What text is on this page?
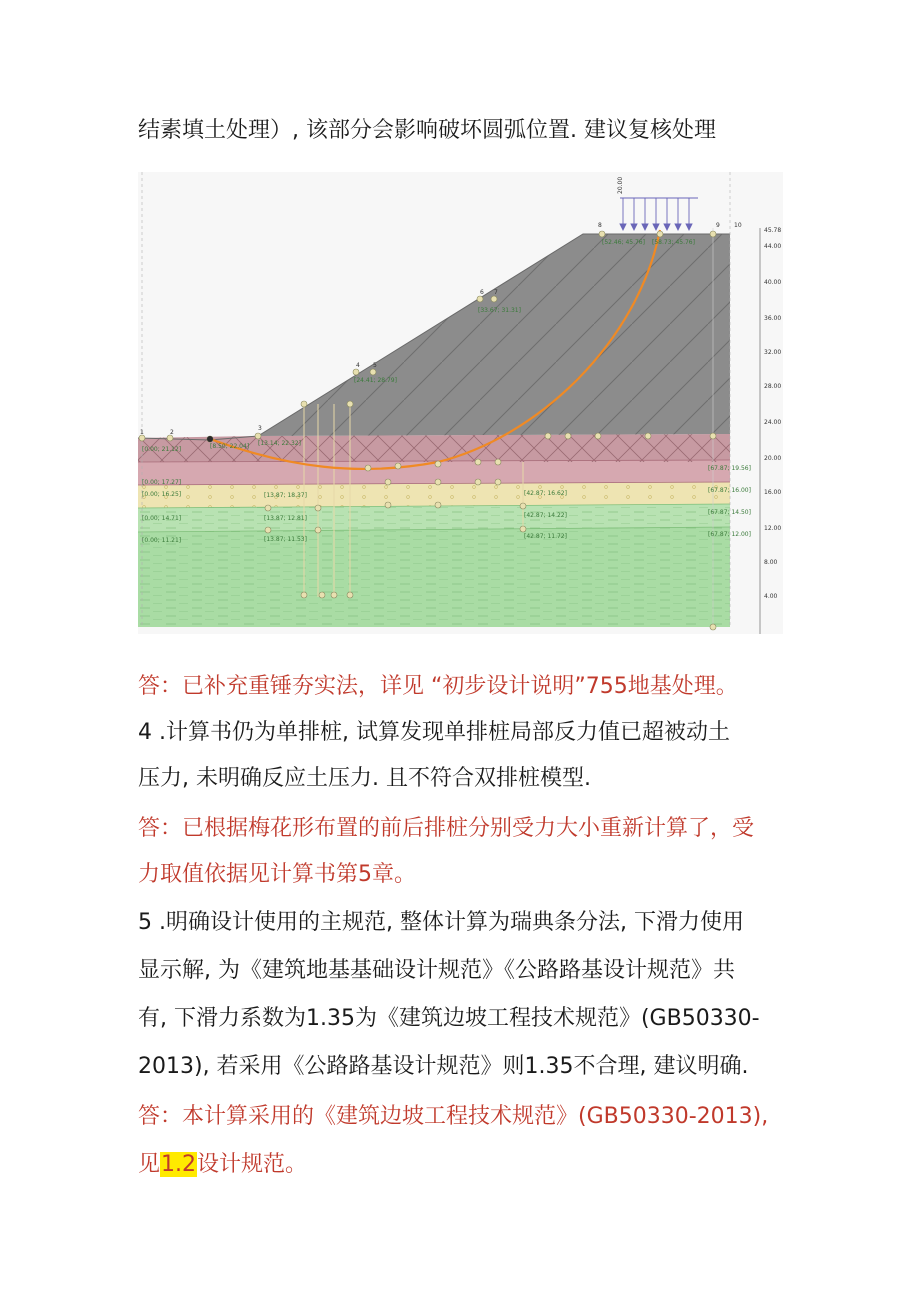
结素填土处理）, 该部分会影响破坏圆弧位置. 建议复核处理
20.00
1	2
3
4 5
6 7
8	9 10
[52.46; 45.76] [58.73; 45.76]
[33.67; 31.31]
[24.41; 28.79]
[0.00; 21.12]	[8.50; 22.04] [13.14; 22.32]
[13.87; 18.37]
[13.87; 12.81]
[13.87; 11.53]
[42.87; 16.62]
[42.87; 14.22]
[42.87; 11.72]
[67.87; 19.56]
[67.87; 16.00]
[67.87; 14.50]
[67.87; 12.00]
[0.00; 16.25]
[0.00; 14.71]
[0.00; 11.21]
[0.00; 17.27]
45.78
44.00
40.00
36.00
32.00
28.00
24.00
20.00
16.00
12.00
8.00
4.00
答：已补充重锤夯实法，详见 “初步设计说明”755地基处理。
4 .计算书仍为单排桩, 试算发现单排桩局部反力值已超被动土
压力, 未明确反应土压力. 且不符合双排桩模型.
答：已根据梅花形布置的前后排桩分别受力大小重新计算了，受
力取值依据见计算书第5章。
5 .明确设计使用的主规范, 整体计算为瑞典条分法, 下滑力使用
显示解, 为《建筑地基基础设计规范》《公路路基设计规范》共
有, 下滑力系数为1.35为《建筑边坡工程技术规范》(GB50330-
2013), 若采用《公路路基设计规范》则1.35不合理, 建议明确.
答：本计算采用的《建筑边坡工程技术规范》(GB50330-2013),
见1.2设计规范。
